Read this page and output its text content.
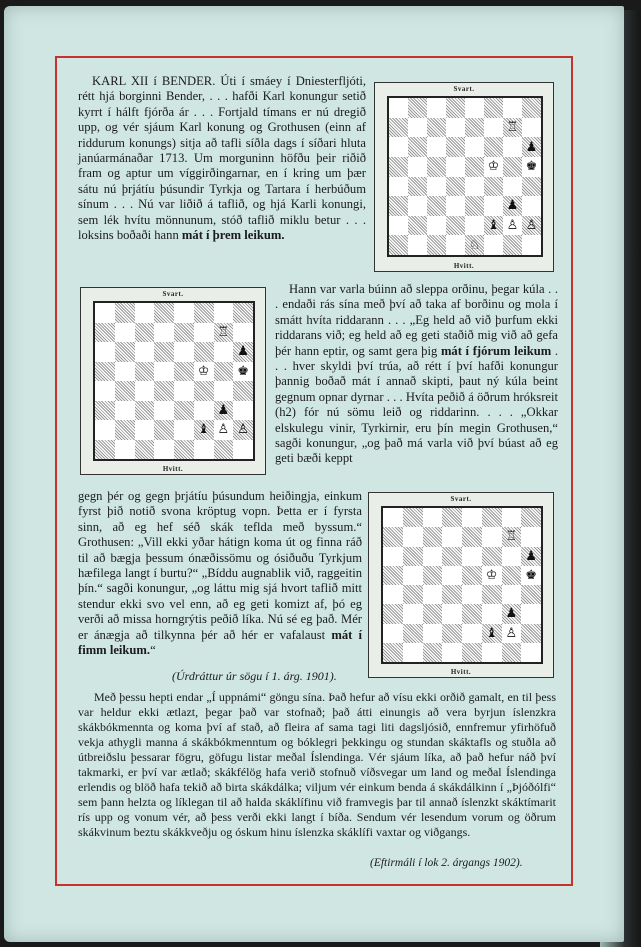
Svart.
♖
♟
♔ ♚
♟
♝ ♙ ♙
♘
Hvitt.
Svart.
♖
♟
♔	♚
♟
♝ ♙ ♙
Hvitt.
Svart.
♖
♟
♔	♚
♟
♝ ♙
Hvitt.
KARL XII í BENDER. Úti í smáey í Dniesterfljóti, rétt hjá borginni Bender, . . . hafði Karl konungur setið kyrrt í hálft fjórða ár . . . Fortjald tímans er nú dregið upp, og vér sjáum Karl konung og Grothusen (einn af riddurum konungs) sitja að tafli síðla dags í síðari hluta janúarmánaðar 1713. Um morguninn höfðu þeir riðið fram og aptur um víggirðingarnar, en í kring um þær sátu nú þrjátíu þúsundir Tyrkja og Tartara í herbúðum sínum . . . Nú var liðið á taflið, og hjá Karli konungi, sem lék hvítu mönnunum, stóð taflið miklu betur . . . loksins boðaði hann mát í þrem leikum.
Hann var varla búinn að sleppa orðinu, þegar kúla . . . endaði rás sína með því að taka af borðinu og mola í smátt hvíta riddarann . . . „Eg held að við þurfum ekki riddarans við; eg held að eg geti staðið mig við að gefa þér hann eptir, og samt gera þig mát í fjórum leikum . . . hver skyldi því trúa, að rétt í því hafði konungur þannig boðað mát í annað skipti, þaut ný kúla beint gegnum opnar dyrnar . . . Hvíta peðið á öðrum hróksreit (h2) fór nú sömu leið og riddarinn. . . . „Okkar elskulegu vinir, Tyrkirnir, eru þín megin Grothusen,“ sagði konungur, „og það má varla við því búast að eg geti bæði keppt
gegn þér og gegn þrjátíu þúsundum heiðingja, einkum fyrst þið notið svona kröptug vopn. Þetta er í fyrsta sinn, að eg hef séð skák teflda með byssum.“ Grothusen: „Vill ekki yðar hátign koma út og finna ráð til að bægja þessum ónæðissömu og ósiðuðu Tyrkjum hæfilega langt í burtu?“ „Bíddu augnablik við, raggeitin þín.“ sagði konungur, „og láttu mig sjá hvort taflið mitt stendur ekki svo vel enn, að eg geti komizt af, þó eg verði að missa horngrýtis peðið líka. Nú sé eg það. Mér er ánægja að tilkynna þér að hér er vafalaust mát í fimm leikum.“
(Úrdráttur úr sögu í 1. árg. 1901).
Með þessu hepti endar „Í uppnámi“ göngu sína. Það hefur að vísu ekki orðið gamalt, en til þess var heldur ekki ætlazt, þegar það var stofnað; það átti einungis að vera byrjun íslenzkra skákbókmennta og koma því af stað, að fleira af sama tagi liti dagsljósið, ennfremur yfirhöfuð vekja athygli manna á skákbókmenntum og bóklegri þekkingu og stundan skáktafls og stuðla að útbreiðslu þessarar fögru, göfugu listar meðal Íslendinga. Vér sjáum líka, að það hefur náð því takmarki, er því var ætlað; skákfélög hafa verið stofnuð víðsvegar um land og meðal Íslendinga erlendis og blöð hafa tekið að birta skákdálka; viljum vér einkum benda á skákdálkinn í „Þjóðólfi“ sem þann helzta og líklegan til að halda skáklífinu við framvegis þar til annað íslenzkt skáktímarit rís upp og vonum vér, að þess verði ekki langt í bíða. Sendum vér lesendum vorum og öðrum skákvinum beztu skákkveðju og óskum hinu íslenzka skáklífi vaxtar og viðgangs.
(Eftirmáli í lok 2. árgangs 1902).
